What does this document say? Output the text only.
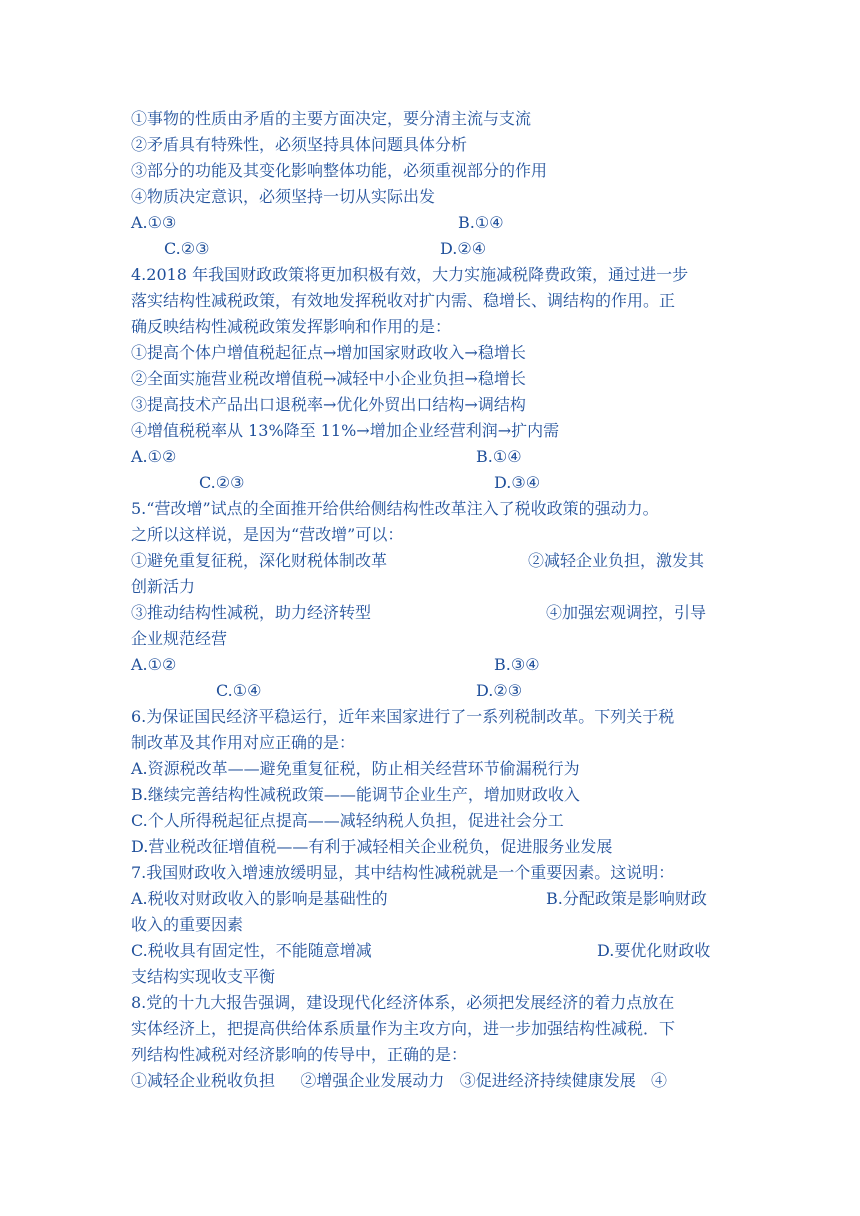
①事物的性质由矛盾的主要方面决定，要分清主流与支流
②矛盾具有特殊性，必须坚持具体问题具体分析
③部分的功能及其变化影响整体功能，必须重视部分的作用
④物质决定意识，必须坚持一切从实际出发
A.①③	B.①④
C.②③	D.②④
4.2018 年我国财政政策将更加积极有效，大力实施减税降费政策，通过进一步
落实结构性减税政策，有效地发挥税收对扩内需、稳增长、调结构的作用。正
确反映结构性减税政策发挥影响和作用的是：
①提高个体户增值税起征点→增加国家财政收入→稳增长
②全面实施营业税改增值税→减轻中小企业负担→稳增长
③提高技术产品出口退税率→优化外贸出口结构→调结构
④增值税税率从 13%降至 11%→增加企业经营利润→扩内需
A.①②	B.①④
C.②③	D.③④
5.“营改增”试点的全面推开给供给侧结构性改革注入了税收政策的强动力。
之所以这样说，是因为“营改增”可以：
①避免重复征税，深化财税体制改革	②减轻企业负担，激发其
创新活力
③推动结构性减税，助力经济转型	④加强宏观调控，引导
企业规范经营
A.①②	B.③④
C.①④	D.②③
6.为保证国民经济平稳运行，近年来国家进行了一系列税制改革。下列关于税
制改革及其作用对应正确的是：
A.资源税改革——避免重复征税，防止相关经营环节偷漏税行为
B.继续完善结构性减税政策——能调节企业生产，增加财政收入
C.个人所得税起征点提高——减轻纳税人负担，促进社会分工
D.营业税改征增值税——有利于减轻相关企业税负，促进服务业发展
7.我国财政收入增速放缓明显，其中结构性减税就是一个重要因素。这说明：
A.税收对财政收入的影响是基础性的	B.分配政策是影响财政
收入的重要因素
C.税收具有固定性，不能随意增减	D.要优化财政收
支结构实现收支平衡
8.党的十九大报告强调，建设现代化经济体系，必须把发展经济的着力点放在
实体经济上，把提高供给体系质量作为主攻方向，进一步加强结构性减税．下
列结构性减税对经济影响的传导中，正确的是：
①减轻企业税收负担     ②增强企业发展动力   ③促进经济持续健康发展   ④
